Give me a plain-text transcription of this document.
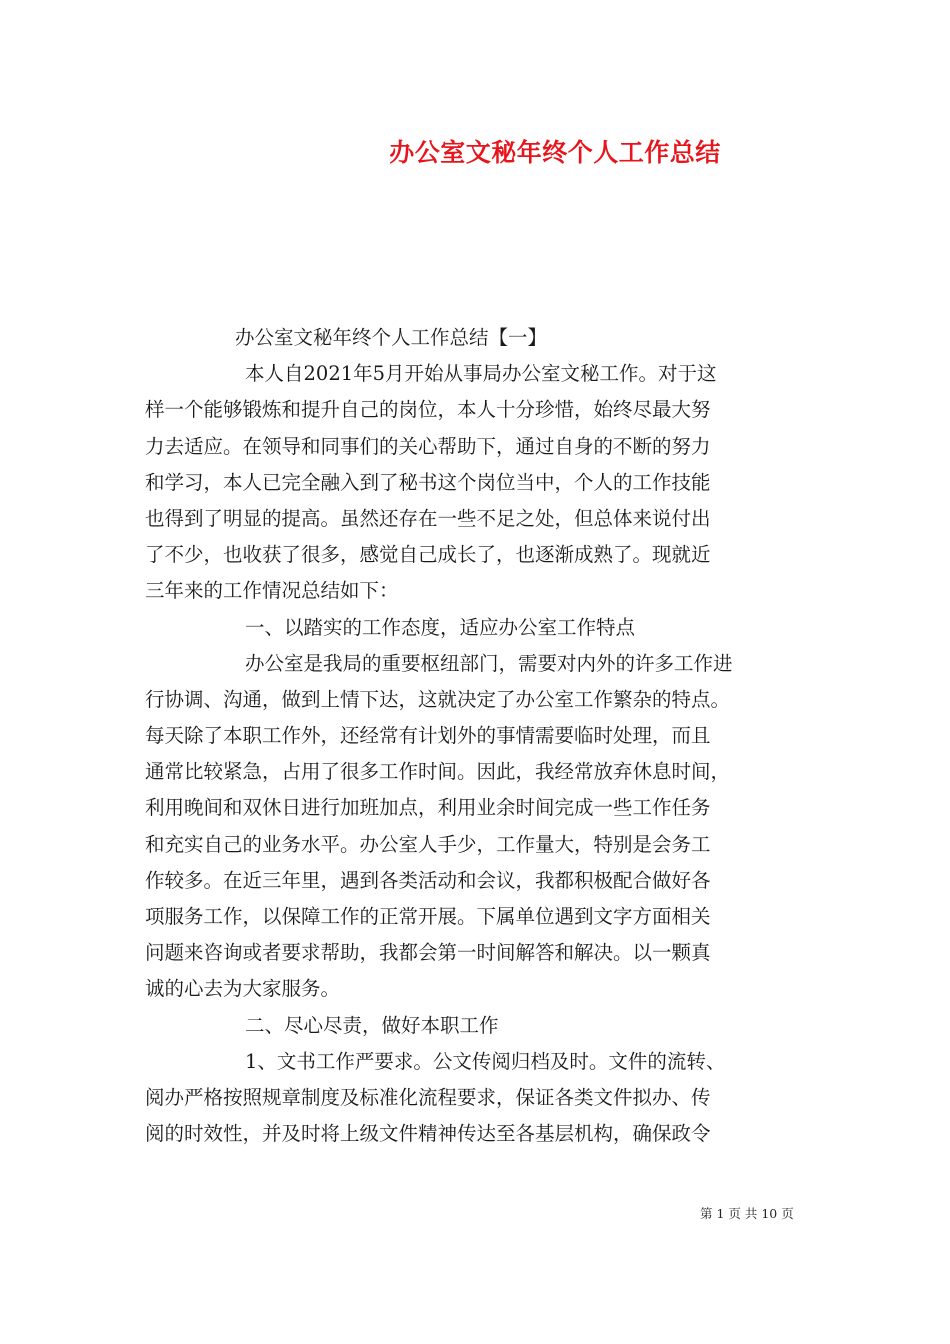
办公室文秘年终个人工作总结
办公室文秘年终个人工作总结【一】
本人自2021年5月开始从事局办公室文秘工作。对于这
样一个能够锻炼和提升自己的岗位，本人十分珍惜，始终尽最大努
力去适应。在领导和同事们的关心帮助下，通过自身的不断的努力
和学习，本人已完全融入到了秘书这个岗位当中，个人的工作技能
也得到了明显的提高。虽然还存在一些不足之处，但总体来说付出
了不少，也收获了很多，感觉自己成长了，也逐渐成熟了。现就近
三年来的工作情况总结如下：
一、以踏实的工作态度，适应办公室工作特点
办公室是我局的重要枢纽部门，需要对内外的许多工作进
行协调、沟通，做到上情下达，这就决定了办公室工作繁杂的特点。
每天除了本职工作外，还经常有计划外的事情需要临时处理，而且
通常比较紧急，占用了很多工作时间。因此，我经常放弃休息时间，
利用晚间和双休日进行加班加点，利用业余时间完成一些工作任务
和充实自己的业务水平。办公室人手少，工作量大，特别是会务工
作较多。在近三年里，遇到各类活动和会议，我都积极配合做好各
项服务工作，以保障工作的正常开展。下属单位遇到文字方面相关
问题来咨询或者要求帮助，我都会第一时间解答和解决。以一颗真
诚的心去为大家服务。
二、尽心尽责，做好本职工作
1、文书工作严要求。公文传阅归档及时。文件的流转、
阅办严格按照规章制度及标准化流程要求，保证各类文件拟办、传
阅的时效性，并及时将上级文件精神传达至各基层机构，确保政令
第 1 页 共 10 页
